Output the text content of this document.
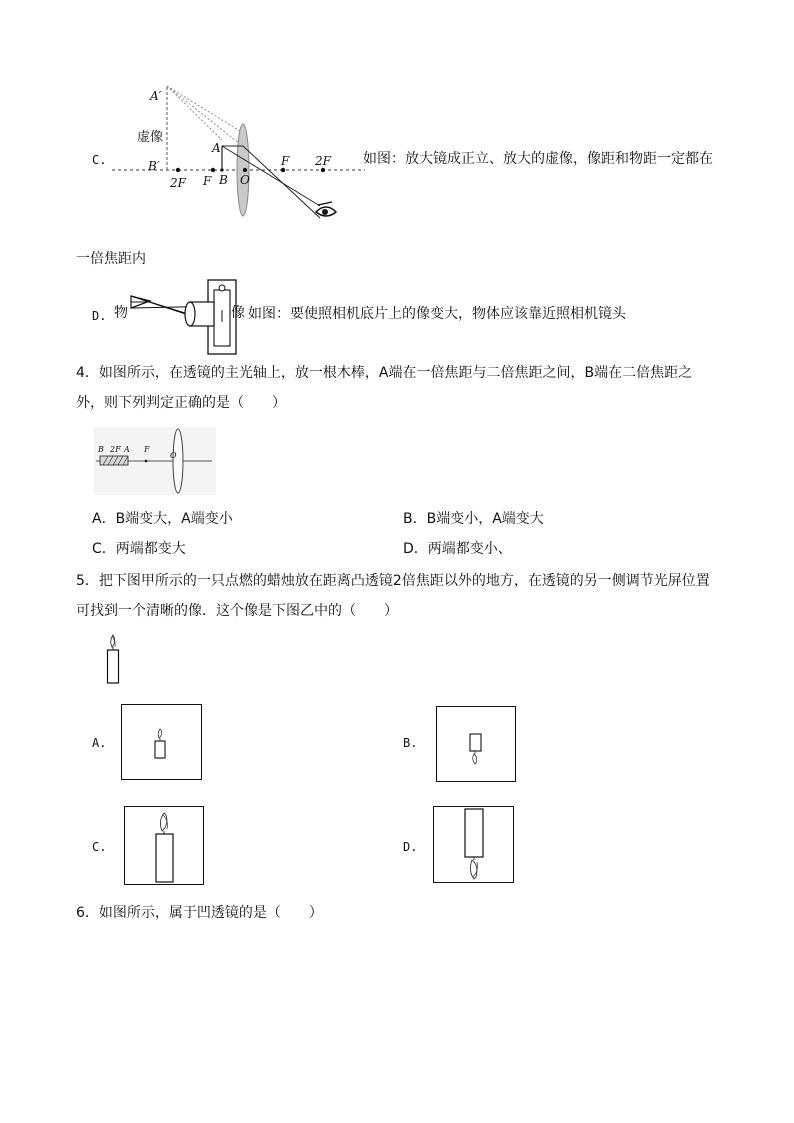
C.
A′
虚像
B′
A
2F F B O
F 2F 如图：放大镜成正立、放大的虚像，像距和物距一定都在
一倍焦距内
D. 物	像 如图：要使照相机底片上的像变大，物体应该靠近照相机镜头
4．如图所示，在透镜的主光轴上，放一根木棒，A端在一倍焦距与二倍焦距之间，B端在二倍焦距之
外，则下列判定正确的是（　　）
B 2F A F
O
A．B端变大，A端变小	B．B端变小，A端变大
C．两端都变大	D．两端都变小、
5．把下图甲所示的一只点燃的蜡烛放在距离凸透镜2倍焦距以外的地方，在透镜的另一侧调节光屏位置
可找到一个清晰的像．这个像是下图乙中的（　　）
A.	B.
C.	D.
6．如图所示，属于凹透镜的是（　　）
